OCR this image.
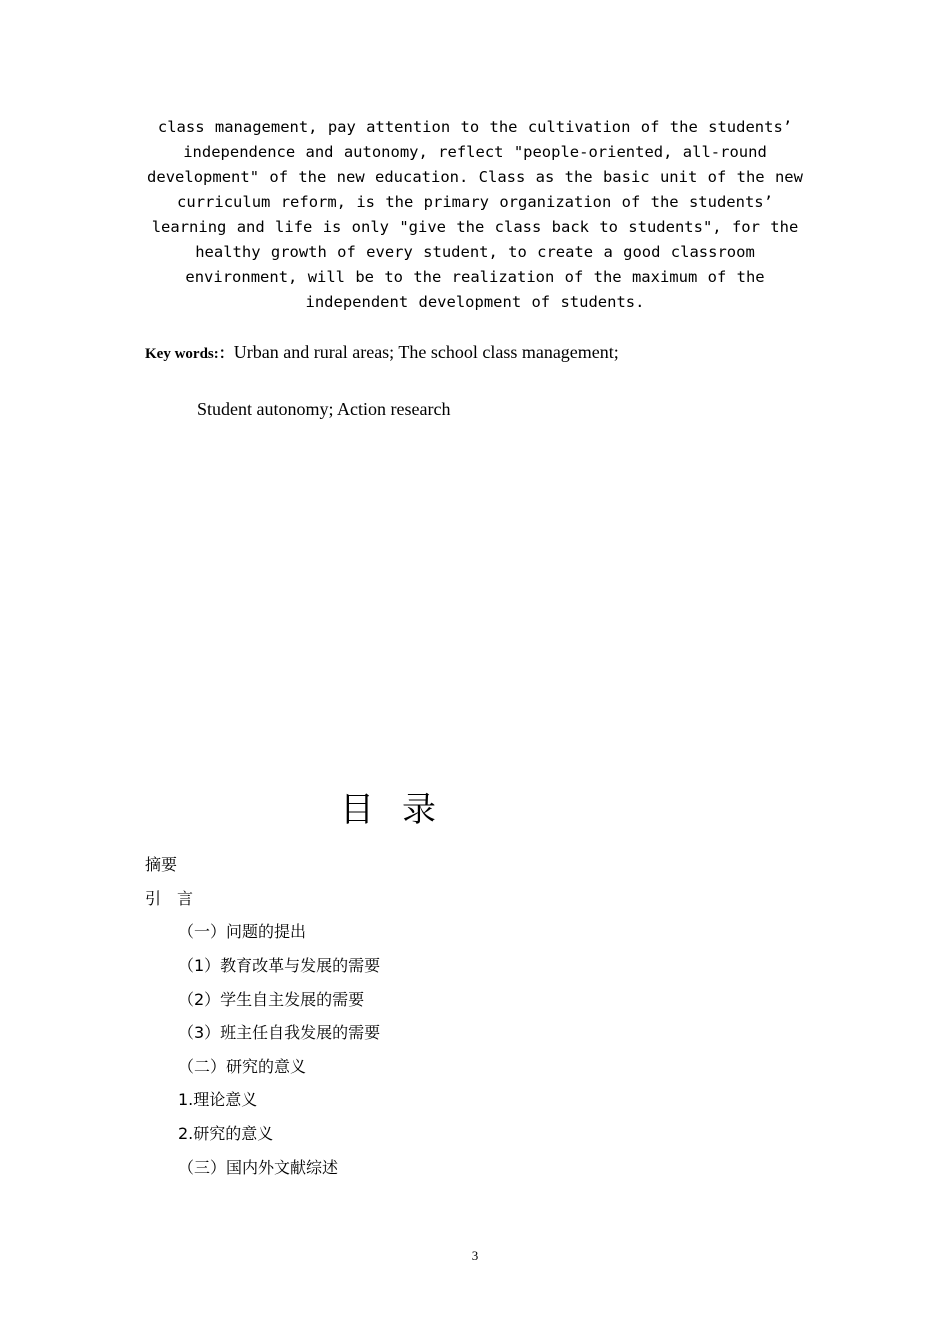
class management, pay attention to the cultivation of the students’
independence and autonomy, reflect "people-oriented, all-round
development" of the new education. Class as the basic unit of the new
curriculum reform, is the primary organization of the students’
learning and life is only "give the class back to students", for the
healthy growth of every student, to create a good classroom
environment, will be to the realization of the maximum of the
independent development of students.
Key words:：Urban and rural areas; The school class management;
Student autonomy; Action research
目录
摘要
引　言
（一）问题的提出
（1）教育改革与发展的需要
（2）学生自主发展的需要
（3）班主任自我发展的需要
（二）研究的意义
1.理论意义
2.研究的意义
（三）国内外文献综述
3
